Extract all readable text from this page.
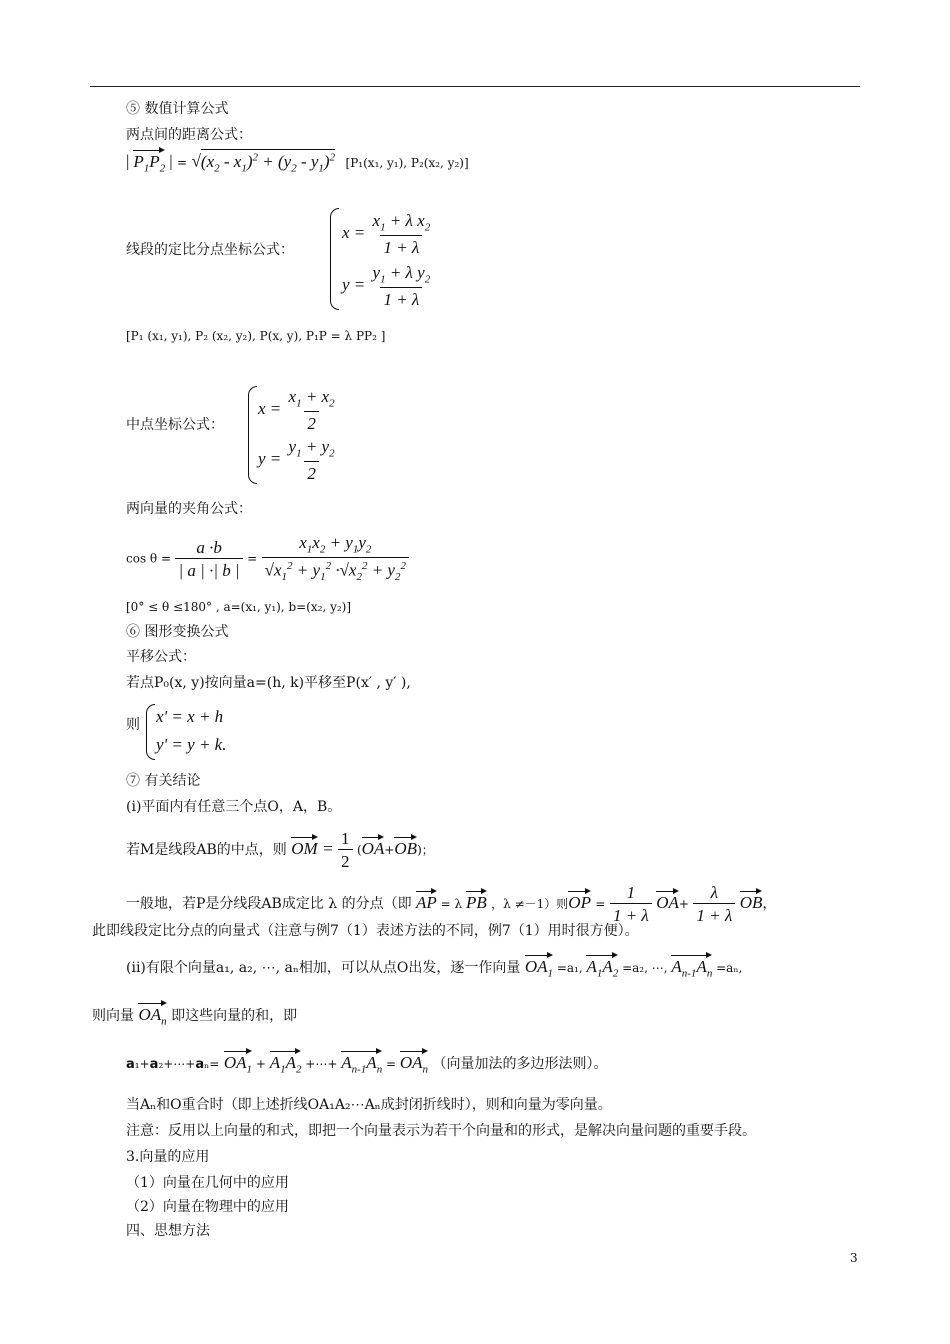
⑤ 数值计算公式
两点间的距离公式：
| $P_1P_2$ | = $√(x_2 - x_1)^2 + (y_2 - y_1)^2$ [P₁(x₁, y₁), P₂(x₂, y₂)]
线段的定比分点坐标公式：
$x = \frac{x_1 + \lambda x_2}{1 + \lambda}$
$y = \frac{y_1 + \lambda y_2}{1 + \lambda}$
[P₁ (x₁, y₁), P₂ (x₂, y₂), P(x, y), P₁P = λ PP₂ ]
中点坐标公式：
$x = \frac{x_1 + x_2}{2}$
$y = \frac{y_1 + y_2}{2}$
两向量的夹角公式：
$\cos \theta = \frac{a \cdot b}{| a | \cdot| b |} = \frac{x_1x_2 + y_1y_2}{√x_1^2 + y_1^2 \cdot√x_2^2 + y_2^2}$
[0° ≤ θ ≤180° , a=(x₁, y₁), b=(x₂, y₂)]
⑥ 图形变换公式
平移公式：
若点P₀(x, y)按向量a=(h, k)平移至P(x′ , y′ ),
则 x' = x + h
y' = y + k.
⑦ 有关结论
(i)平面内有任意三个点O，A，B。
若M是线段AB的中点，则 OM = $\frac{1}{2}$ (
OA+
OB)；
一般地，若P是分线段AB成定比 λ 的分点（即 AP = λ
PB ，λ ≠－1）则
OP = $\frac{1}{1 + \lambda}$
$OA+ \frac{\lambda}{1 + \lambda}$
OB，
此即线段定比分点的向量式（注意与例7（1）表述方法的不同，例7（1）用时很方便）。
(ii)有限个向量a₁, a₂, ⋯, aₙ相加，可以从点O出发，逐一作向量 $OA_1 =a_1$,
$A_1A_2 =a_2$, ⋯,
$A_{n-1}A_n =a_n$,
则向量 $OA_n$ 即这些向量的和，即
a₁+a₂+⋯+aₙ= $OA_1$ +
$A_1A_2$ +⋯+
$A_{n-1}A_n$ =
$OA_n$ （向量加法的多边形法则）。
当Aₙ和O重合时（即上述折线OA₁A₂⋯Aₙ成封闭折线时），则和向量为零向量。
注意：反用以上向量的和式，即把一个向量表示为若干个向量和的形式，是解决向量问题的重要手段。
3.向量的应用
（1）向量在几何中的应用
（2）向量在物理中的应用
四、思想方法
3
